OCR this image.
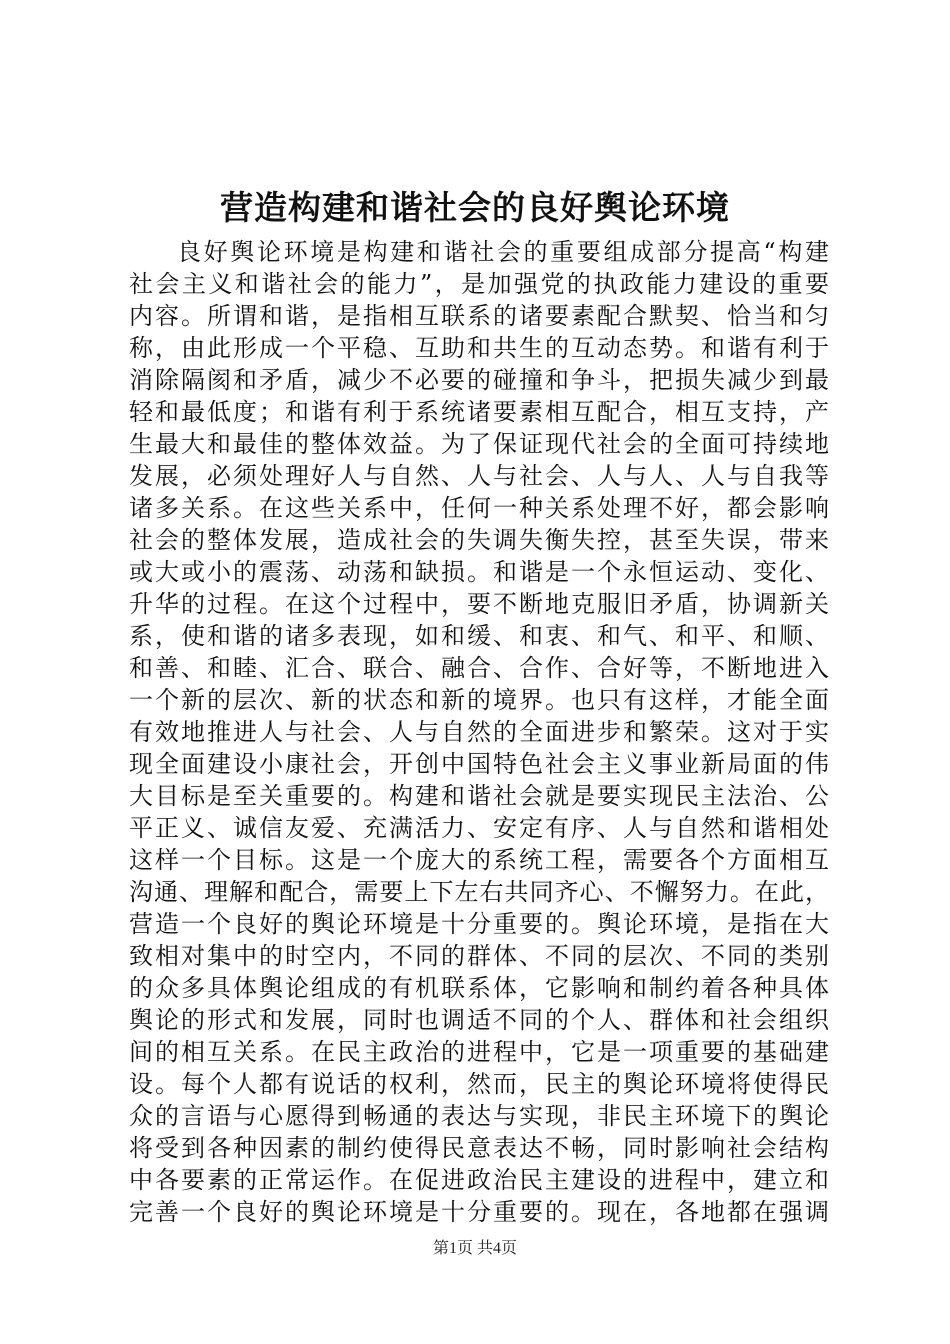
营造构建和谐社会的良好舆论环境
良好舆论环境是构建和谐社会的重要组成部分提高“构建
社会主义和谐社会的能力”，是加强党的执政能力建设的重要
内容。所谓和谐，是指相互联系的诸要素配合默契、恰当和匀
称，由此形成一个平稳、互助和共生的互动态势。和谐有利于
消除隔阂和矛盾，减少不必要的碰撞和争斗，把损失减少到最
轻和最低度；和谐有利于系统诸要素相互配合，相互支持，产
生最大和最佳的整体效益。为了保证现代社会的全面可持续地
发展，必须处理好人与自然、人与社会、人与人、人与自我等
诸多关系。在这些关系中，任何一种关系处理不好，都会影响
社会的整体发展，造成社会的失调失衡失控，甚至失误，带来
或大或小的震荡、动荡和缺损。和谐是一个永恒运动、变化、
升华的过程。在这个过程中，要不断地克服旧矛盾，协调新关
系，使和谐的诸多表现，如和缓、和衷、和气、和平、和顺、
和善、和睦、汇合、联合、融合、合作、合好等，不断地进入
一个新的层次、新的状态和新的境界。也只有这样，才能全面
有效地推进人与社会、人与自然的全面进步和繁荣。这对于实
现全面建设小康社会，开创中国特色社会主义事业新局面的伟
大目标是至关重要的。构建和谐社会就是要实现民主法治、公
平正义、诚信友爱、充满活力、安定有序、人与自然和谐相处
这样一个目标。这是一个庞大的系统工程，需要各个方面相互
沟通、理解和配合，需要上下左右共同齐心、不懈努力。在此，
营造一个良好的舆论环境是十分重要的。舆论环境，是指在大
致相对集中的时空内，不同的群体、不同的层次、不同的类别
的众多具体舆论组成的有机联系体，它影响和制约着各种具体
舆论的形式和发展，同时也调适不同的个人、群体和社会组织
间的相互关系。在民主政治的进程中，它是一项重要的基础建
设。每个人都有说话的权利，然而，民主的舆论环境将使得民
众的言语与心愿得到畅通的表达与实现，非民主环境下的舆论
将受到各种因素的制约使得民意表达不畅，同时影响社会结构
中各要素的正常运作。在促进政治民主建设的进程中，建立和
完善一个良好的舆论环境是十分重要的。现在，各地都在强调
第1页 共4页
